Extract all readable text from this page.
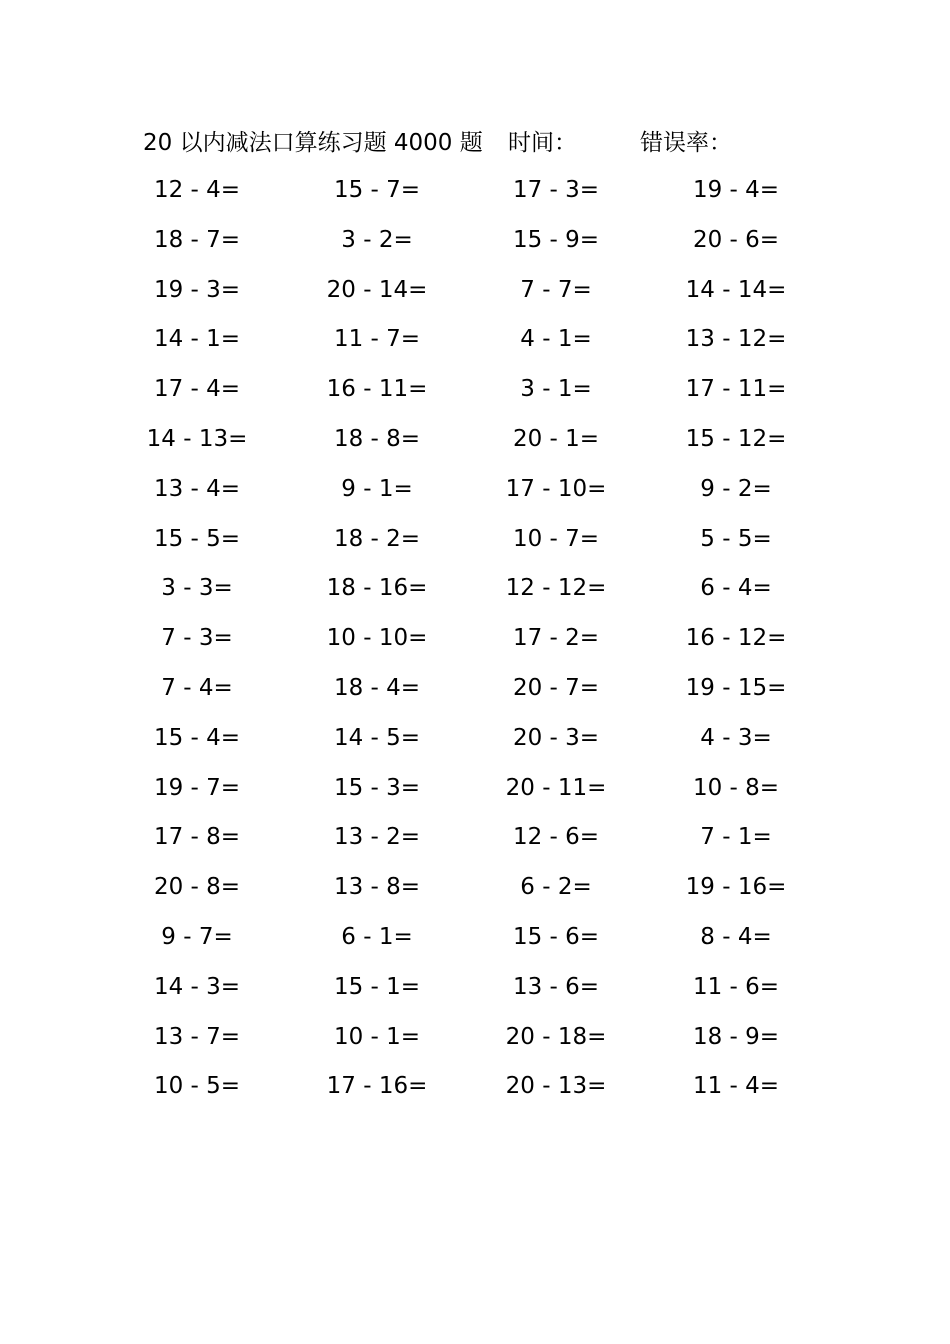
20 以内减法口算练习题 4000 题 时间：	错误率：
12 - 4=	15 - 7=	17 - 3=	19 - 4=
18 - 7=	3 - 2=	15 - 9=	20 - 6=
19 - 3=	20 - 14=	7 - 7=	14 - 14=
14 - 1=	11 - 7=	4 - 1=	13 - 12=
17 - 4=	16 - 11=	3 - 1=	17 - 11=
14 - 13=	18 - 8=	20 - 1=	15 - 12=
13 - 4=	9 - 1=	17 - 10=	9 - 2=
15 - 5=	18 - 2=	10 - 7=	5 - 5=
3 - 3=	18 - 16=	12 - 12=	6 - 4=
7 - 3=	10 - 10=	17 - 2=	16 - 12=
7 - 4=	18 - 4=	20 - 7=	19 - 15=
15 - 4=	14 - 5=	20 - 3=	4 - 3=
19 - 7=	15 - 3=	20 - 11=	10 - 8=
17 - 8=	13 - 2=	12 - 6=	7 - 1=
20 - 8=	13 - 8=	6 - 2=	19 - 16=
9 - 7=	6 - 1=	15 - 6=	8 - 4=
14 - 3=	15 - 1=	13 - 6=	11 - 6=
13 - 7=	10 - 1=	20 - 18=	18 - 9=
10 - 5=	17 - 16=	20 - 13=	11 - 4=
